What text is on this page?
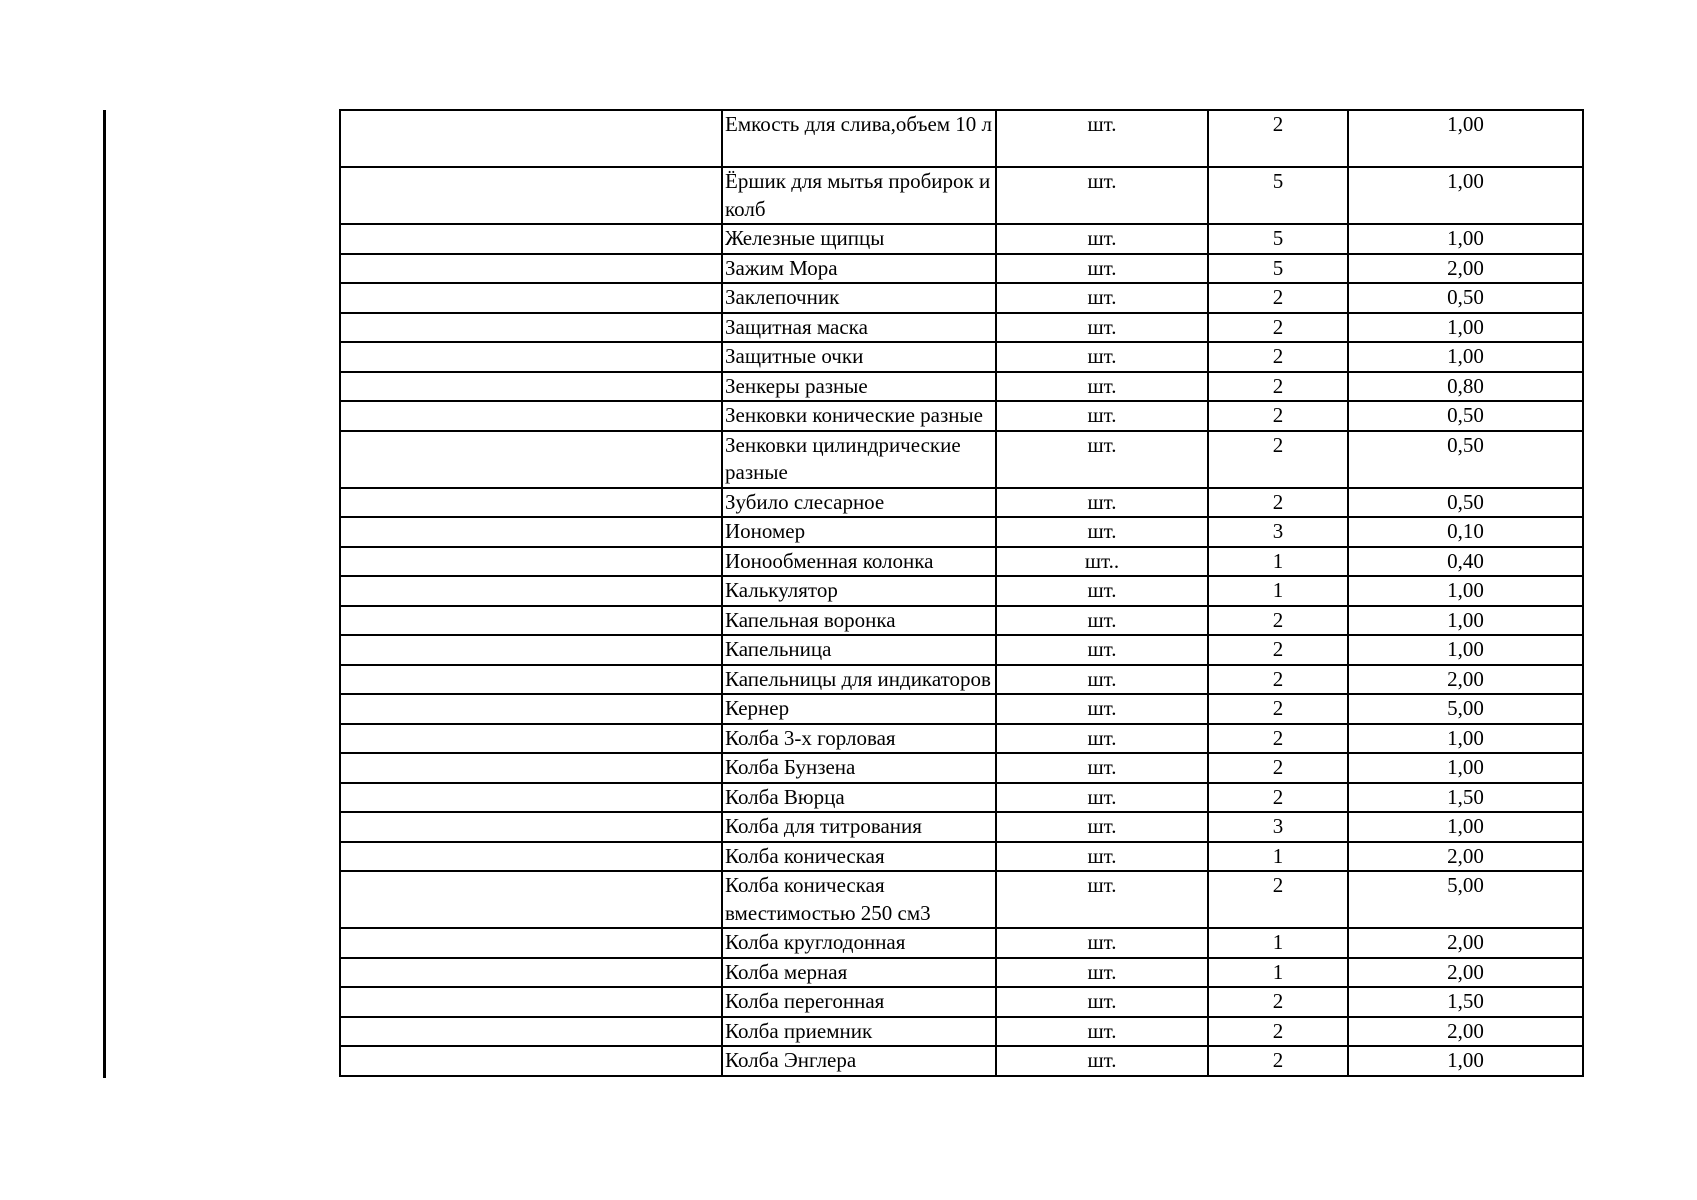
	Емкость для слива,объем 10 л	шт.	2	1,00
	Ёршик для мытья пробирок и колб	шт.	5	1,00
	Железные щипцы	шт.	5	1,00
	Зажим Мора	шт.	5	2,00
	Заклепочник	шт.	2	0,50
	Защитная маска	шт.	2	1,00
	Защитные очки	шт.	2	1,00
	Зенкеры разные	шт.	2	0,80
	Зенковки конические разные	шт.	2	0,50
	Зенковки цилиндрические разные	шт.	2	0,50
	Зубило слесарное	шт.	2	0,50
	Иономер	шт.	3	0,10
	Ионообменная колонка	шт..	1	0,40
	Калькулятор	шт.	1	1,00
	Капельная воронка	шт.	2	1,00
	Капельница	шт.	2	1,00
	Капельницы для индикаторов	шт.	2	2,00
	Кернер	шт.	2	5,00
	Колба 3-х горловая	шт.	2	1,00
	Колба Бунзена	шт.	2	1,00
	Колба Вюрца	шт.	2	1,50
	Колба для титрования	шт.	3	1,00
	Колба коническая	шт.	1	2,00
	Колба коническая вместимостью 250 см3	шт.	2	5,00
	Колба круглодонная	шт.	1	2,00
	Колба мерная	шт.	1	2,00
	Колба перегонная	шт.	2	1,50
	Колба приемник	шт.	2	2,00
	Колба Энглера	шт.	2	1,00
